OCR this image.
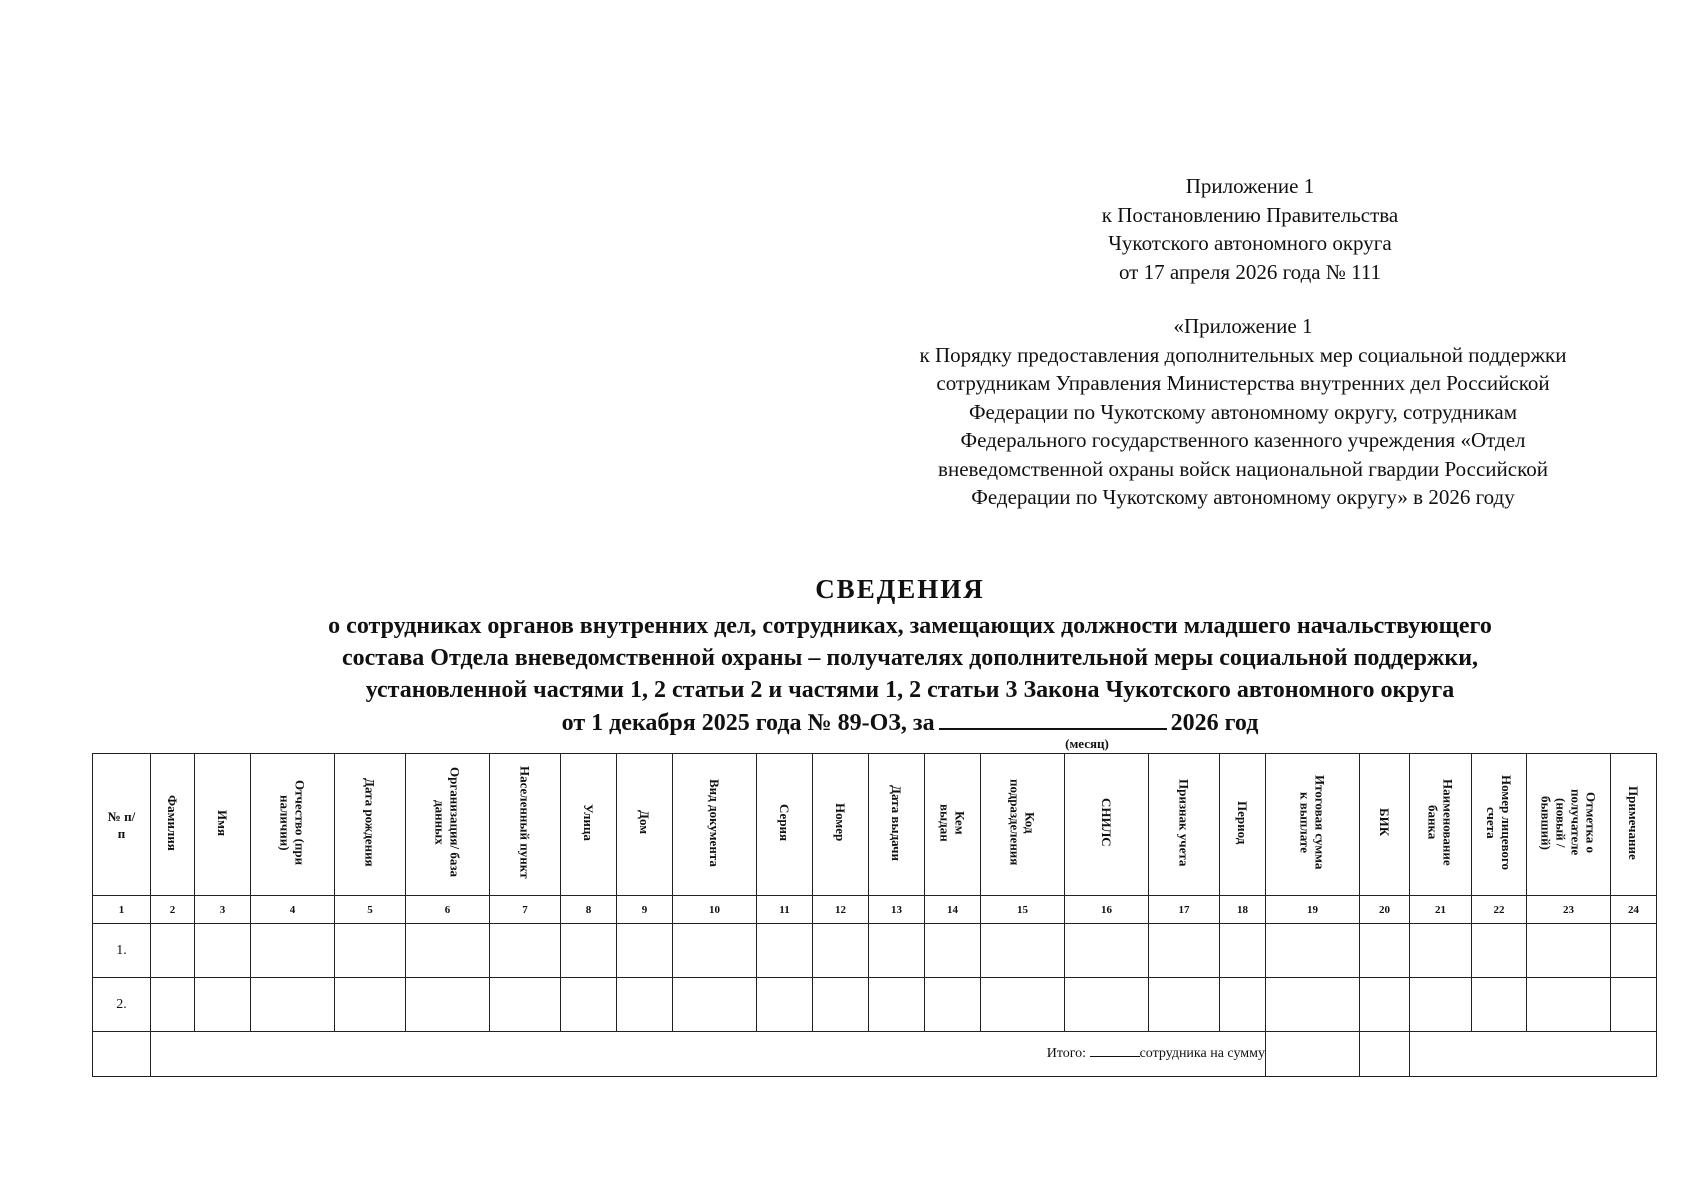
Приложение 1
к Постановлению Правительства
Чукотского автономного округа
от 17 апреля 2026 года № 111
«Приложение 1
к Порядку предоставления дополнительных мер социальной поддержки
сотрудникам Управления Министерства внутренних дел Российской
Федерации по Чукотскому автономному округу, сотрудникам
Федерального государственного казенного учреждения «Отдел
вневедомственной охраны войск национальной гвардии Российской
Федерации по Чукотскому автономному округу» в 2026 году
СВЕДЕНИЯ
о сотрудниках органов внутренних дел, сотрудниках, замещающих должности младшего начальствующего
состава Отдела вневедомственной охраны – получателях дополнительной меры социальной поддержки,
установленной частями 1, 2 статьи 2 и частями 1, 2 статьи 3 Закона Чукотского автономного округа
от 1 декабря 2025 года № 89-ОЗ, за	2026 год
(месяц)
№ п/п	Фамилия	Имя	Отчество (при наличии)	Дата рождения	Организация/ база данных	Населенный пункт	Улица	Дом	Вид документа	Серия	Номер	Дата выдачи	Кем выдан	Код подразделения	СНИЛС	Признак учета	Период	Итоговая сумма к выплате	БИК	Наименование банка	Номер лицевого счета	Отметка о получателе (новый / бывший)	Примечание
1	2	3	4	5	6	7	8	9	10	11	12	13	14	15	16	17	18	19	20	21	22	23	24
1.																							
2.																							
	Итого: сотрудника на сумму																						
